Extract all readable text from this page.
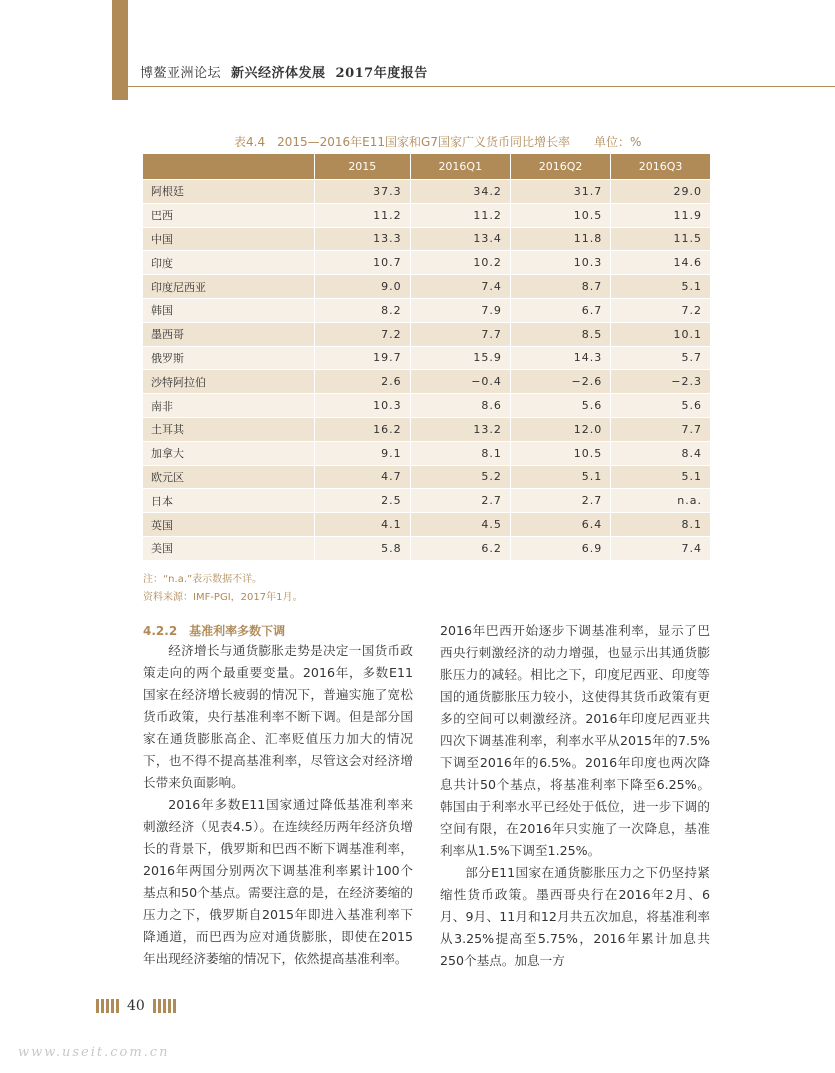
博鳌亚洲论坛 新兴经济体发展 2017年度报告
表4.4　2015—2016年E11国家和G7国家广义货币同比增长率 单位：%
	2015	2016Q1	2016Q2	2016Q3
阿根廷	37.3	34.2	31.7	29.0
巴西	11.2	11.2	10.5	11.9
中国	13.3	13.4	11.8	11.5
印度	10.7	10.2	10.3	14.6
印度尼西亚	9.0	7.4	8.7	5.1
韩国	8.2	7.9	6.7	7.2
墨西哥	7.2	7.7	8.5	10.1
俄罗斯	19.7	15.9	14.3	5.7
沙特阿拉伯	2.6	−0.4	−2.6	−2.3
南非	10.3	8.6	5.6	5.6
土耳其	16.2	13.2	12.0	7.7
加拿大	9.1	8.1	10.5	8.4
欧元区	4.7	5.2	5.1	5.1
日本	2.5	2.7	2.7	n.a.
英国	4.1	4.5	6.4	8.1
美国	5.8	6.2	6.9	7.4
注：“n.a.”表示数据不详。
资料来源：IMF-PGI，2017年1月。
4.2.2　基准利率多数下调

经济增长与通货膨胀走势是决定一国货币政策走向的两个最重要变量。2016年，多数E11国家在经济增长疲弱的情况下，普遍实施了宽松货币政策，央行基准利率不断下调。但是部分国家在通货膨胀高企、汇率贬值压力加大的情况下，也不得不提高基准利率，尽管这会对经济增长带来负面影响。

2016年多数E11国家通过降低基准利率来刺激经济（见表4.5）。在连续经历两年经济负增长的背景下，俄罗斯和巴西不断下调基准利率，2016年两国分别两次下调基准利率累计100个基点和50个基点。需要注意的是，在经济萎缩的压力之下，俄罗斯自2015年即进入基准利率下降通道，而巴西为应对通货膨胀，即使在2015年出现经济萎缩的情况下，依然提高基准利率。

2016年巴西开始逐步下调基准利率，显示了巴西央行刺激经济的动力增强，也显示出其通货膨胀压力的减轻。相比之下，印度尼西亚、印度等国的通货膨胀压力较小，这使得其货币政策有更多的空间可以刺激经济。2016年印度尼西亚共四次下调基准利率，利率水平从2015年的7.5%下调至2016年的6.5%。2016年印度也两次降息共计50个基点，将基准利率下降至6.25%。韩国由于利率水平已经处于低位，进一步下调的空间有限，在2016年只实施了一次降息，基准利率从1.5%下调至1.25%。

部分E11国家在通货膨胀压力之下仍坚持紧缩性货币政策。墨西哥央行在2016年2月、6月、9月、11月和12月共五次加息，将基准利率从3.25%提高至5.75%，2016年累计加息共250个基点。加息一方

40
www.useit.com.cn
